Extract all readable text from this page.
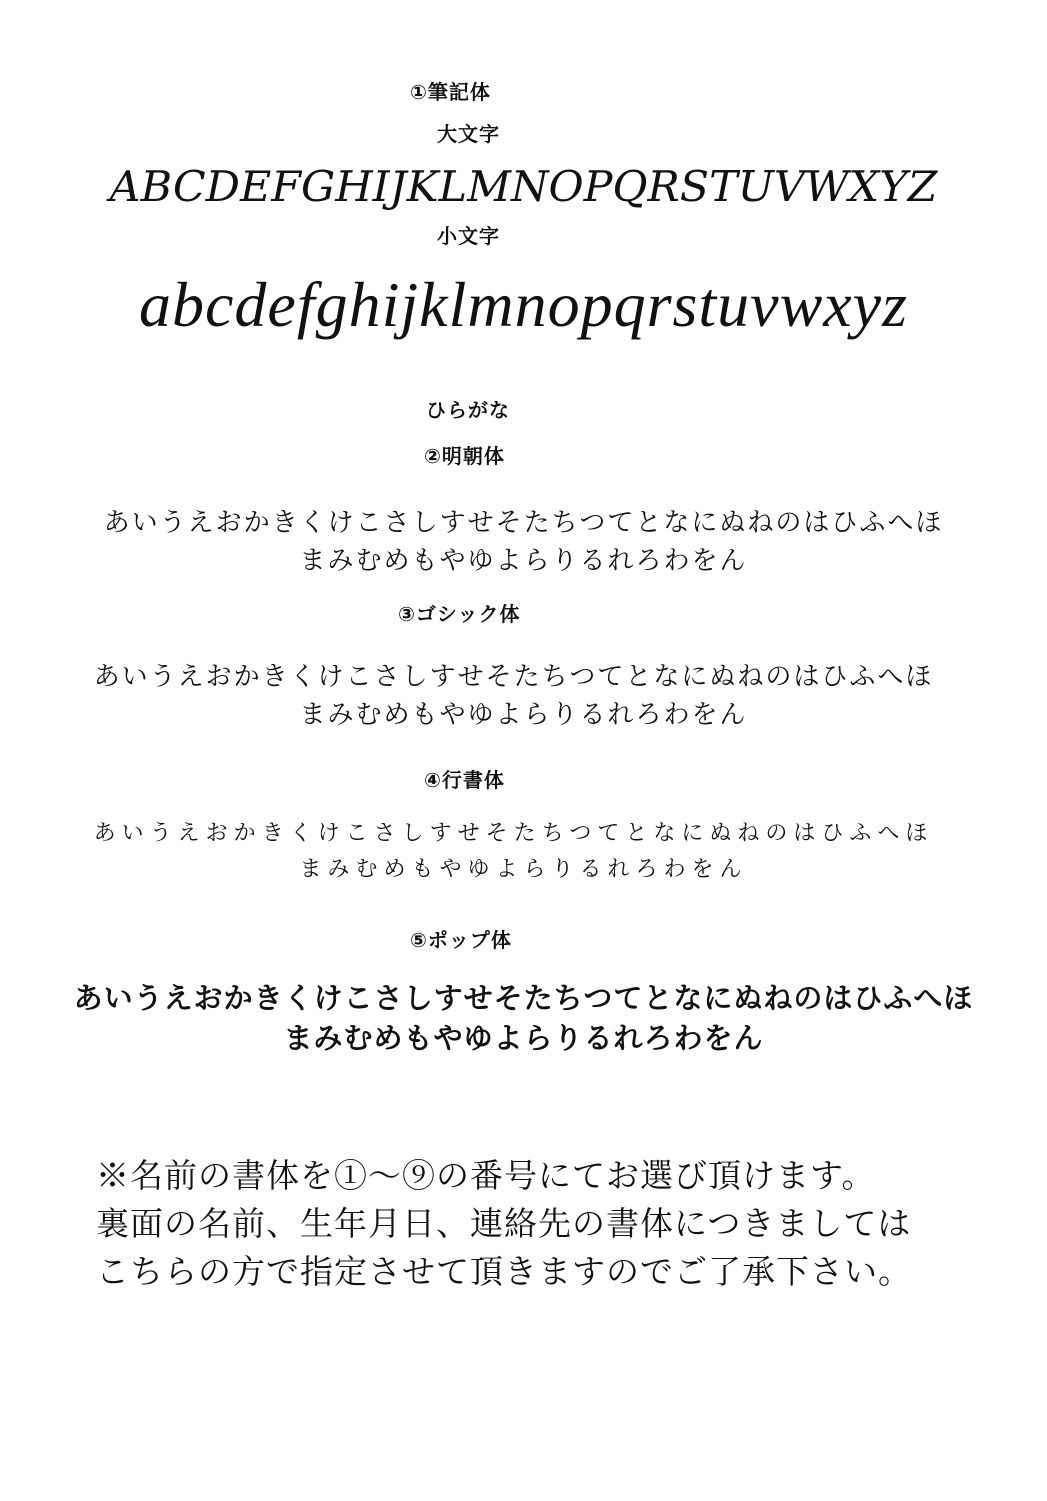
①筆記体
大文字
ABCDEFGHIJKLMNOPQRSTUVWXYZ
小文字
abcdefghijklmnopqrstuvwxyz
ひらがな
②明朝体
あいうえおかきくけこさしすせそたちつてとなにぬねのはひふへほ
まみむめもやゆよらりるれろわをん
③ゴシック体
あいうえおかきくけこさしすせそたちつてとなにぬねのはひふへほ
まみむめもやゆよらりるれろわをん
④行書体
あいうえおかきくけこさしすせそたちつてとなにぬねのはひふへほ
まみむめもやゆよらりるれろわをん
⑤ポップ体
あいうえおかきくけこさしすせそたちつてとなにぬねのはひふへほ
まみむめもやゆよらりるれろわをん
※名前の書体を①～⑨の番号にてお選び頂けます。
裏面の名前、生年月日、連絡先の書体につきましては
こちらの方で指定させて頂きますのでご了承下さい。
